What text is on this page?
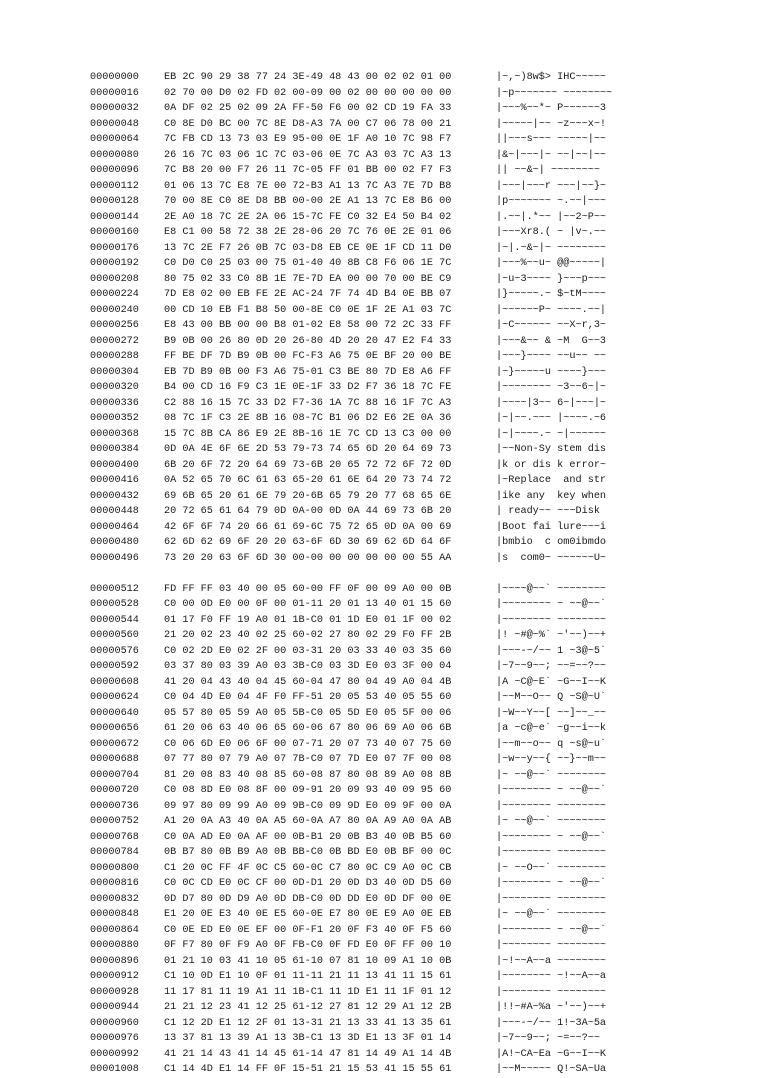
00000000	EB 2C 90 29 38 77 24 3E-49 48 43 00 02 02 01 00	|~,~)8w$> IHC~~~~~
00000016	02 70 00 D0 02 FD 02 00-09 00 02 00 00 00 00 00	|~p~~~~~~~ ~~~~~~~~
00000032	0A DF 02 25 02 09 2A FF-50 F6 00 02 CD 19 FA 33	|~~~%~~*~ P~~~~~~3
00000048	C0 8E D0 BC 00 7C 8E D8-A3 7A 00 C7 06 78 00 21	|~~~~~|~~ ~z~~~x~!
00000064	7C FB CD 13 73 03 E9 95-00 0E 1F A0 10 7C 98 F7	||~~~s~~~ ~~~~~|~~
00000080	26 16 7C 03 06 1C 7C 03-06 0E 7C A3 03 7C A3 13	|&~|~~~|~ ~~|~~|~~
00000096	7C B8 20 00 F7 26 11 7C-05 FF 01 BB 00 02 F7 F3	|| ~~&~| ~~~~~~~~
00000112	01 06 13 7C E8 7E 00 72-B3 A1 13 7C A3 7E 7D B8	|~~~|~~~r ~~~|~~}~
00000128	70 00 8E C0 8E D8 BB 00-00 2E A1 13 7C E8 B6 00	|p~~~~~~~ ~.~~|~~~
00000144	2E A0 18 7C 2E 2A 06 15-7C FE C0 32 E4 50 B4 02	|.~~|.*~~ |~~2~P~~
00000160	E8 C1 00 58 72 38 2E 28-06 20 7C 76 0E 2E 01 06	|~~~Xr8.( ~ |v~.~~
00000176	13 7C 2E F7 26 0B 7C 03-D8 EB CE 0E 1F CD 11 D0	|~|.~&~|~ ~~~~~~~~
00000192	C0 D0 C0 25 03 00 75 01-40 40 8B C8 F6 06 1E 7C	|~~~%~~u~ @@~~~~~|
00000208	80 75 02 33 C0 8B 1E 7E-7D EA 00 00 70 00 BE C9	|~u~3~~~~ }~~~p~~~
00000224	7D E8 02 00 EB FE 2E AC-24 7F 74 4D B4 0E BB 07	|}~~~~~.~ $~tM~~~~
00000240	00 CD 10 EB F1 B8 50 00-8E C0 0E 1F 2E A1 03 7C	|~~~~~~P~ ~~~~.~~|
00000256	E8 43 00 BB 00 00 B8 01-02 E8 58 00 72 2C 33 FF	|~C~~~~~~ ~~X~r,3~
00000272	B9 0B 00 26 80 0D 20 26-80 4D 20 20 47 E2 F4 33	|~~~&~~ & ~M  G~~3
00000288	FF BE DF 7D B9 0B 00 FC-F3 A6 75 0E BF 20 00 BE	|~~~}~~~~ ~~u~~ ~~
00000304	EB 7D B9 0B 00 F3 A6 75-01 C3 BE 80 7D E8 A6 FF	|~}~~~~~u ~~~~}~~~
00000320	B4 00 CD 16 F9 C3 1E 0E-1F 33 D2 F7 36 18 7C FE	|~~~~~~~~ ~3~~6~|~
00000336	C2 88 16 15 7C 33 D2 F7-36 1A 7C 88 16 1F 7C A3	|~~~~|3~~ 6~|~~~|~
00000352	08 7C 1F C3 2E 8B 16 08-7C B1 06 D2 E6 2E 0A 36	|~|~~.~~~ |~~~~.~6
00000368	15 7C 8B CA 86 E9 2E 8B-16 1E 7C CD 13 C3 00 00	|~|~~~~.~ ~|~~~~~~
00000384	0D 0A 4E 6F 6E 2D 53 79-73 74 65 6D 20 64 69 73	|~~Non-Sy stem dis
00000400	6B 20 6F 72 20 64 69 73-6B 20 65 72 72 6F 72 0D	|k or dis k error~
00000416	0A 52 65 70 6C 61 63 65-20 61 6E 64 20 73 74 72	|~Replace  and str
00000432	69 6B 65 20 61 6E 79 20-6B 65 79 20 77 68 65 6E	|ike any  key when
00000448	20 72 65 61 64 79 0D 0A-00 0D 0A 44 69 73 6B 20	| ready~~ ~~~Disk
00000464	42 6F 6F 74 20 66 61 69-6C 75 72 65 0D 0A 00 69	|Boot fai lure~~~i
00000480	62 6D 62 69 6F 20 20 63-6F 6D 30 69 62 6D 64 6F	|bmbio  c om0ibmdo
00000496	73 20 20 63 6F 6D 30 00-00 00 00 00 00 00 55 AA	|s  com0~ ~~~~~~U~
00000512	FD FF FF 03 40 00 05 60-00 FF 0F 00 09 A0 00 0B	|~~~~@~~` ~~~~~~~~
00000528	C0 00 0D E0 00 0F 00 01-11 20 01 13 40 01 15 60	|~~~~~~~~ ~ ~~@~~`
00000544	01 17 F0 FF 19 A0 01 1B-C0 01 1D E0 01 1F 00 02	|~~~~~~~~ ~~~~~~~~
00000560	21 20 02 23 40 02 25 60-02 27 80 02 29 F0 FF 2B	|! ~#@~%` ~'~~)~~+
00000576	C0 02 2D E0 02 2F 00 03-31 20 03 33 40 03 35 60	|~~~-~/~~ 1 ~3@~5`
00000592	03 37 80 03 39 A0 03 3B-C0 03 3D E0 03 3F 00 04	|~7~~9~~; ~~=~~?~~
00000608	41 20 04 43 40 04 45 60-04 47 80 04 49 A0 04 4B	|A ~C@~E` ~G~~I~~K
00000624	C0 04 4D E0 04 4F F0 FF-51 20 05 53 40 05 55 60	|~~M~~O~~ Q ~S@~U`
00000640	05 57 80 05 59 A0 05 5B-C0 05 5D E0 05 5F 00 06	|~W~~Y~~[ ~~]~~_~~
00000656	61 20 06 63 40 06 65 60-06 67 80 06 69 A0 06 6B	|a ~c@~e` ~g~~i~~k
00000672	C0 06 6D E0 06 6F 00 07-71 20 07 73 40 07 75 60	|~~m~~o~~ q ~s@~u`
00000688	07 77 80 07 79 A0 07 7B-C0 07 7D E0 07 7F 00 08	|~w~~y~~{ ~~}~~m~~
00000704	81 20 08 83 40 08 85 60-08 87 80 08 89 A0 08 8B	|~ ~~@~~` ~~~~~~~~
00000720	C0 08 8D E0 08 8F 00 09-91 20 09 93 40 09 95 60	|~~~~~~~~ ~ ~~@~~`
00000736	09 97 80 09 99 A0 09 9B-C0 09 9D E0 09 9F 00 0A	|~~~~~~~~ ~~~~~~~~
00000752	A1 20 0A A3 40 0A A5 60-0A A7 80 0A A9 A0 0A AB	|~ ~~@~~` ~~~~~~~~
00000768	C0 0A AD E0 0A AF 00 0B-B1 20 0B B3 40 0B B5 60	|~~~~~~~~ ~ ~~@~~`
00000784	0B B7 80 0B B9 A0 0B BB-C0 0B BD E0 0B BF 00 0C	|~~~~~~~~ ~~~~~~~~
00000800	C1 20 0C FF 4F 0C C5 60-0C C7 80 0C C9 A0 0C CB	|~ ~~O~~` ~~~~~~~~
00000816	C0 0C CD E0 0C CF 00 0D-D1 20 0D D3 40 0D D5 60	|~~~~~~~~ ~ ~~@~~`
00000832	0D D7 80 0D D9 A0 0D DB-C0 0D DD E0 0D DF 00 0E	|~~~~~~~~ ~~~~~~~~
00000848	E1 20 0E E3 40 0E E5 60-0E E7 80 0E E9 A0 0E EB	|~ ~~@~~` ~~~~~~~~
00000864	C0 0E ED E0 0E EF 00 0F-F1 20 0F F3 40 0F F5 60	|~~~~~~~~ ~ ~~@~~`
00000880	0F F7 80 0F F9 A0 0F FB-C0 0F FD E0 0F FF 00 10	|~~~~~~~~ ~~~~~~~~
00000896	01 21 10 03 41 10 05 61-10 07 81 10 09 A1 10 0B	|~!~~A~~a ~~~~~~~~
00000912	C1 10 0D E1 10 0F 01 11-11 21 11 13 41 11 15 61	|~~~~~~~~ ~!~~A~~a
00000928	11 17 81 11 19 A1 11 1B-C1 11 1D E1 11 1F 01 12	|~~~~~~~~ ~~~~~~~~
00000944	21 21 12 23 41 12 25 61-12 27 81 12 29 A1 12 2B	|!!~#A~%a ~'~~)~~+
00000960	C1 12 2D E1 12 2F 01 13-31 21 13 33 41 13 35 61	|~~~-~/~~ 1!~3A~5a
00000976	13 37 81 13 39 A1 13 3B-C1 13 3D E1 13 3F 01 14	|~7~~9~~; ~=~~?~~
00000992	41 21 14 43 41 14 45 61-14 47 81 14 49 A1 14 4B	|A!~CA~Ea ~G~~I~~K
00001008	C1 14 4D E1 14 FF 0F 15-51 21 15 53 41 15 55 61	|~~M~~~~~ Q!~SA~Ua
